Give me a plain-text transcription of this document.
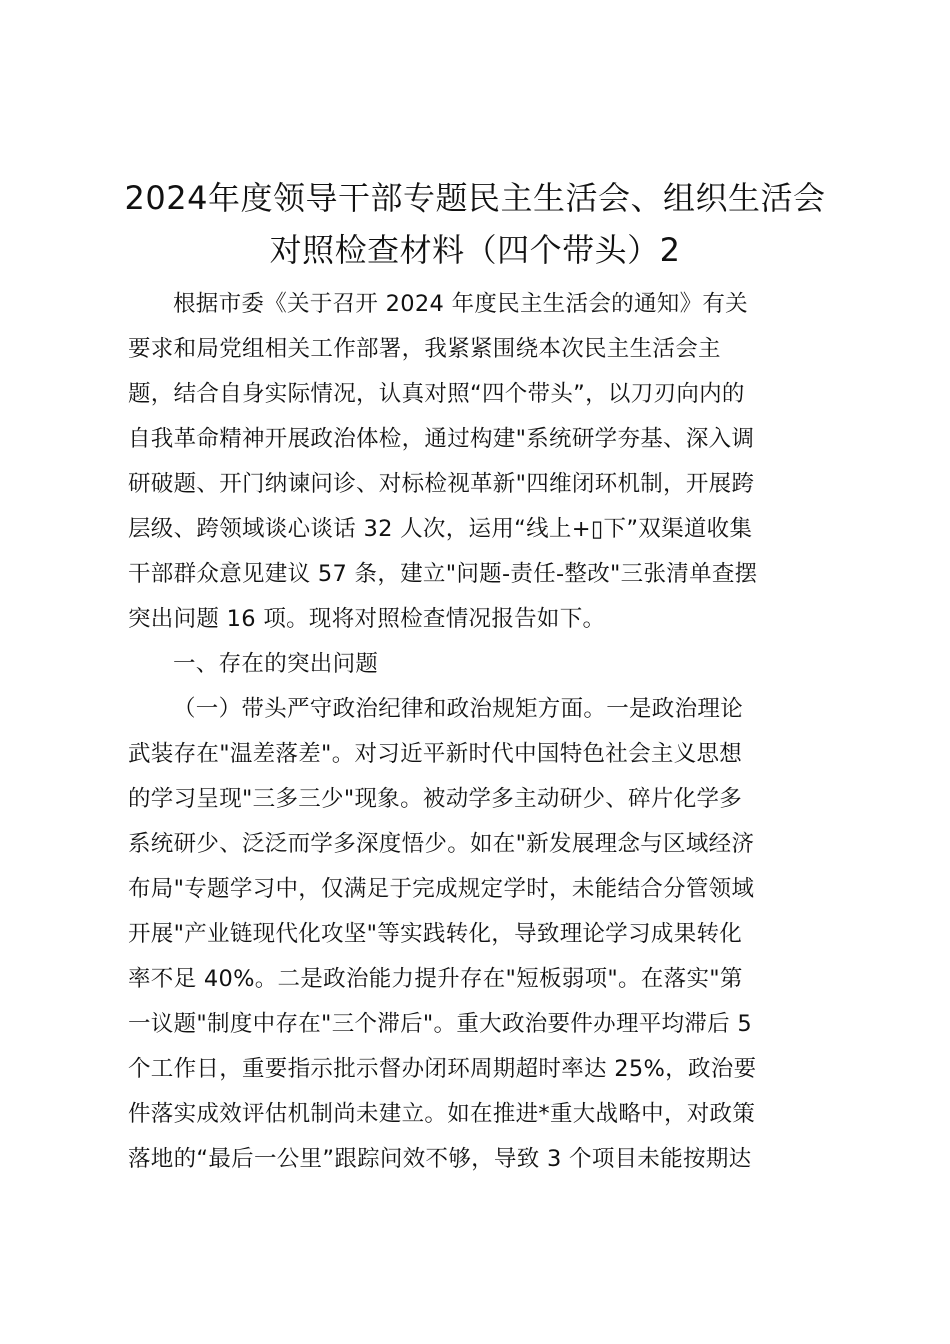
2024年度领导干部专题民主生活会、组织生活会对照检查材料（四个带头）2

根据市委《关于召开 2024 年度民主生活会的通知》有关
要求和局党组相关工作部署，我紧紧围绕本次民主生活会主
题，结合自身实际情况，认真对照“四个带头”，以刀刃向内的
自我革命精神开展政治体检，通过构建"系统研学夯基、深入调
研破题、开门纳谏问诊、对标检视革新"四维闭环机制，开展跨
层级、跨领域谈心谈话 32 人次，运用“线上+▯下”双渠道收集
干部群众意见建议 57 条，建立"问题-责任-整改"三张清单查摆
突出问题 16 项。现将对照检查情况报告如下。

一、存在的突出问题

（一）带头严守政治纪律和政治规矩方面。一是政治理论
武装存在"温差落差"。对习近平新时代中国特色社会主义思想
的学习呈现"三多三少"现象。被动学多主动研少、碎片化学多
系统研少、泛泛而学多深度悟少。如在"新发展理念与区域经济
布局"专题学习中，仅满足于完成规定学时，未能结合分管领域
开展"产业链现代化攻坚"等实践转化，导致理论学习成果转化
率不足 40%。二是政治能力提升存在"短板弱项"。在落实"第
一议题"制度中存在"三个滞后"。重大政治要件办理平均滞后 5
个工作日，重要指示批示督办闭环周期超时率达 25%，政治要
件落实成效评估机制尚未建立。如在推进*重大战略中，对政策
落地的“最后一公里”跟踪问效不够，导致 3 个项目未能按期达
